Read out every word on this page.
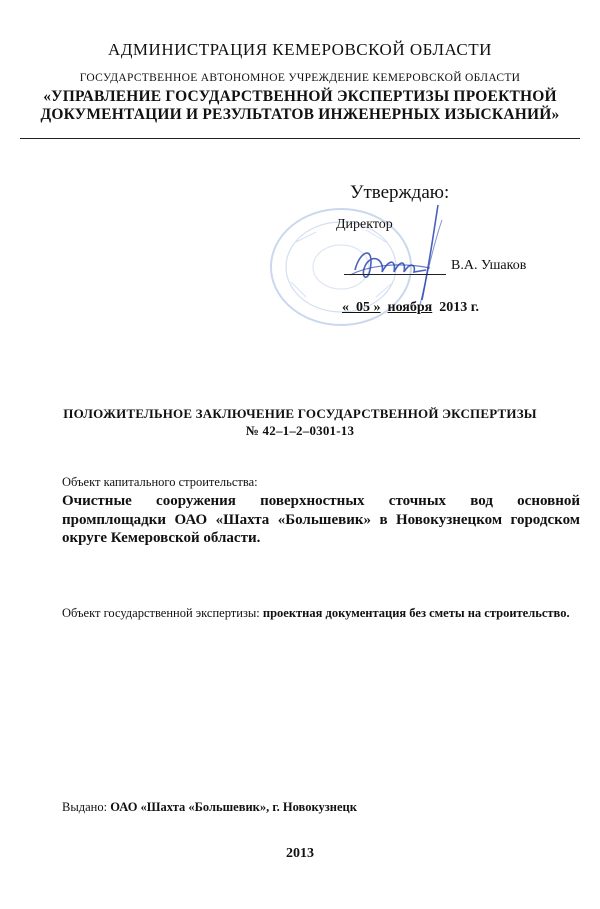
АДМИНИСТРАЦИЯ КЕМЕРОВСКОЙ ОБЛАСТИ
ГОСУДАРСТВЕННОЕ АВТОНОМНОЕ УЧРЕЖДЕНИЕ КЕМЕРОВСКОЙ ОБЛАСТИ
«УПРАВЛЕНИЕ ГОСУДАРСТВЕННОЙ ЭКСПЕРТИЗЫ ПРОЕКТНОЙ
ДОКУМЕНТАЦИИ И РЕЗУЛЬТАТОВ ИНЖЕНЕРНЫХ ИЗЫСКАНИЙ»
Утверждаю:
Директор
В.А. Ушаков
« 05 » ноября 2013 г.
ПОЛОЖИТЕЛЬНОЕ ЗАКЛЮЧЕНИЕ ГОСУДАРСТВЕННОЙ ЭКСПЕРТИЗЫ
№ 42–1–2–0301-13
Объект капитального строительства:
Очистные сооружения поверхностных сточных вод основной промплощадки ОАО «Шахта «Большевик» в Новокузнецком городском округе Кемеровской области.
Объект государственной экспертизы: проектная документация без сметы на строительство.
Выдано: ОАО «Шахта «Большевик», г. Новокузнецк
2013
